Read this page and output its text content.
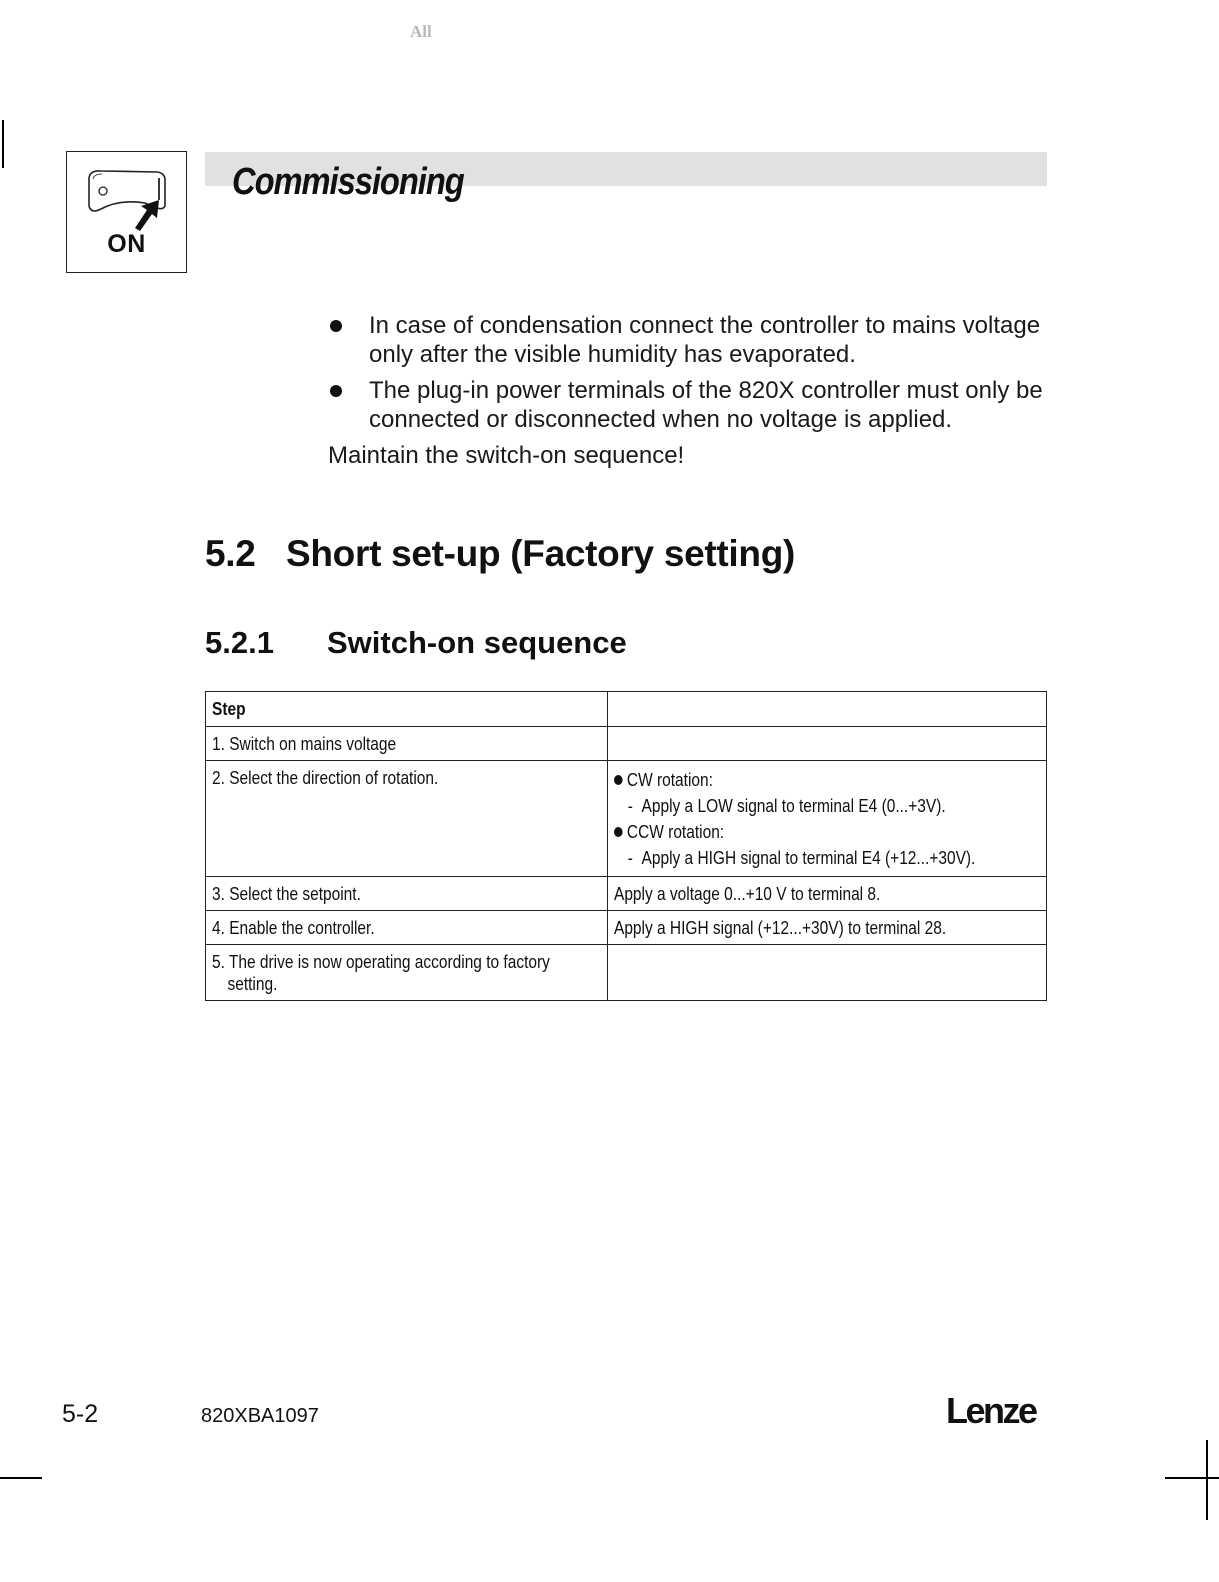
All
ON
Commissioning
In case of condensation connect the controller to mains voltage only after the visible humidity has evaporated.
The plug-in power terminals of the 820X controller must only be connected or disconnected when no voltage is applied.
Maintain the switch-on sequence!
5.2 Short set-up (Factory setting)
5.2.1 Switch-on sequence
Step	
1. Switch on mains voltage	
2. Select the direction of rotation.	CW rotation:
- Apply a LOW signal to terminal E4 (0...+3V).
CCW rotation:
- Apply a HIGH signal to terminal E4 (+12...+30V).
3. Select the setpoint.	Apply a voltage 0...+10 V to terminal 8.
4. Enable the controller.	Apply a HIGH signal (+12...+30V) to terminal 28.
5. The drive is now operating according to factory
setting.	
5-2	820XBA1097	Lenze
